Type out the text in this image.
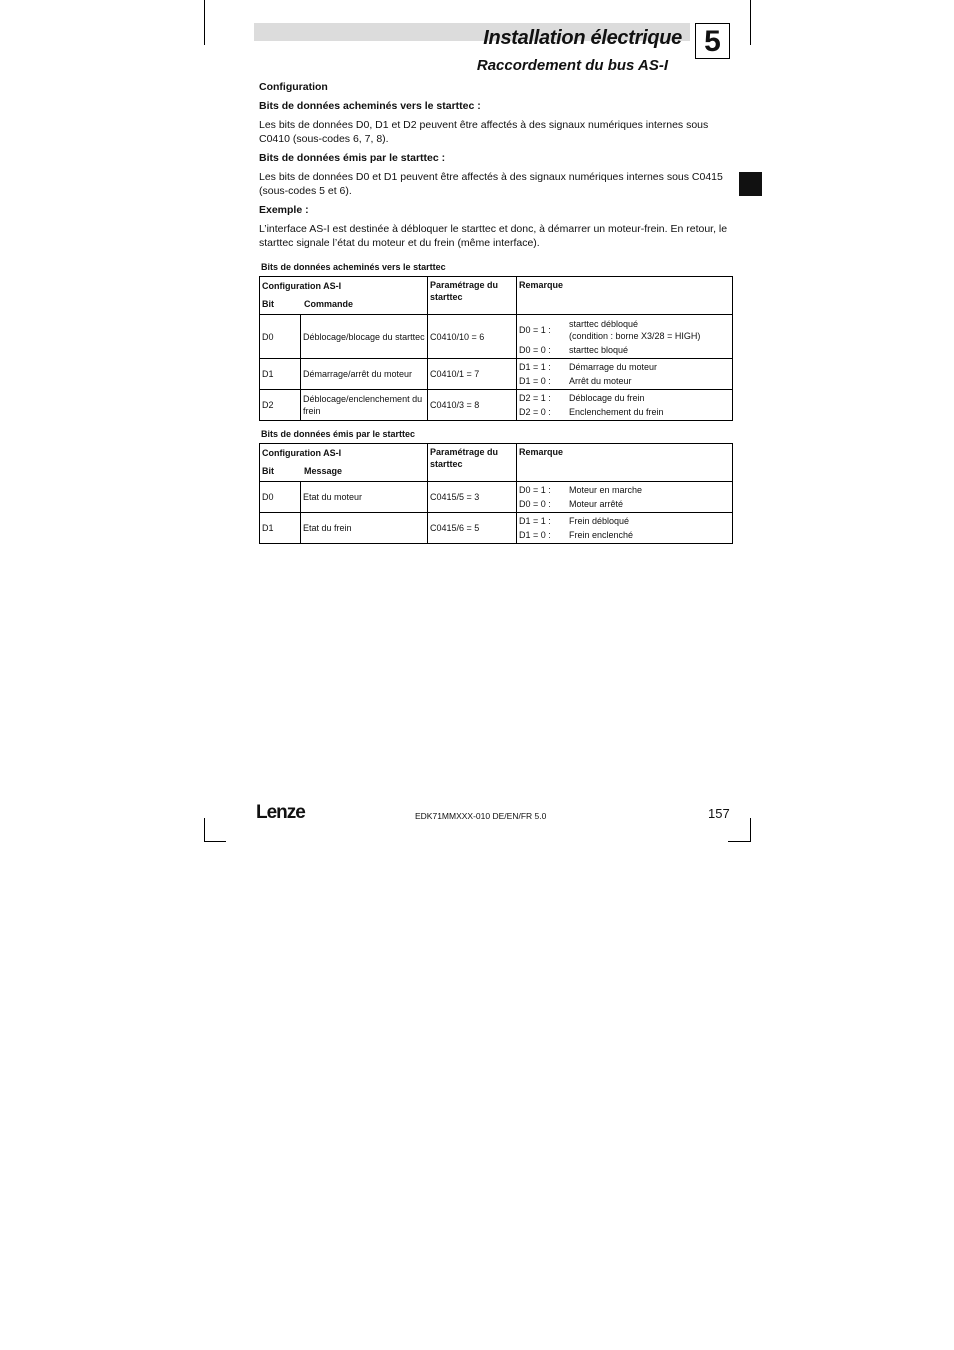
Installation électrique
Raccordement du bus AS-I
5
Configuration
Bits de données acheminés vers le starttec :

Les bits de données D0, D1 et D2 peuvent être affectés à des signaux numériques internes sous C0410 (sous-codes 6, 7, 8).

Bits de données émis par le starttec :

Les bits de données D0 et D1 peuvent être affectés à des signaux numériques internes sous C0415 (sous-codes 5 et 6).

Exemple :

L’interface AS-I est destinée à débloquer le starttec et donc, à démarrer un moteur-frein. En retour, le starttec signale l’état du moteur et du frein (même interface).

Bits de données acheminés vers le starttec
Configuration AS-I
Bit Commande		Paramétrage du starttec	Remarque
D0	Déblocage/blocage du starttec	C0410/10 = 6	D0 = 1 :
starttec débloqué
(condition : borne X3/28 = HIGH)
D0 = 0 : starttec bloqué

D1	Démarrage/arrêt du moteur	C0410/1 = 7	D1 = 1 : Démarrage du moteur
D1 = 0 : Arrêt du moteur

D2	Déblocage/enclenchement du frein	C0410/3 = 8	D2 = 1 : Déblocage du frein
D2 = 0 : Enclenchement du frein
Bits de données émis par le starttec
Configuration AS-I
Bit Message		Paramétrage du starttec	Remarque
D0	Etat du moteur	C0415/5 = 3	D0 = 1 : Moteur en marche
D0 = 0 : Moteur arrêté

D1	Etat du frein	C0415/6 = 5	D1 = 1 : Frein débloqué
D1 = 0 : Frein enclenché
Lenze	EDK71MMXXX-010 DE/EN/FR 5.0	157
